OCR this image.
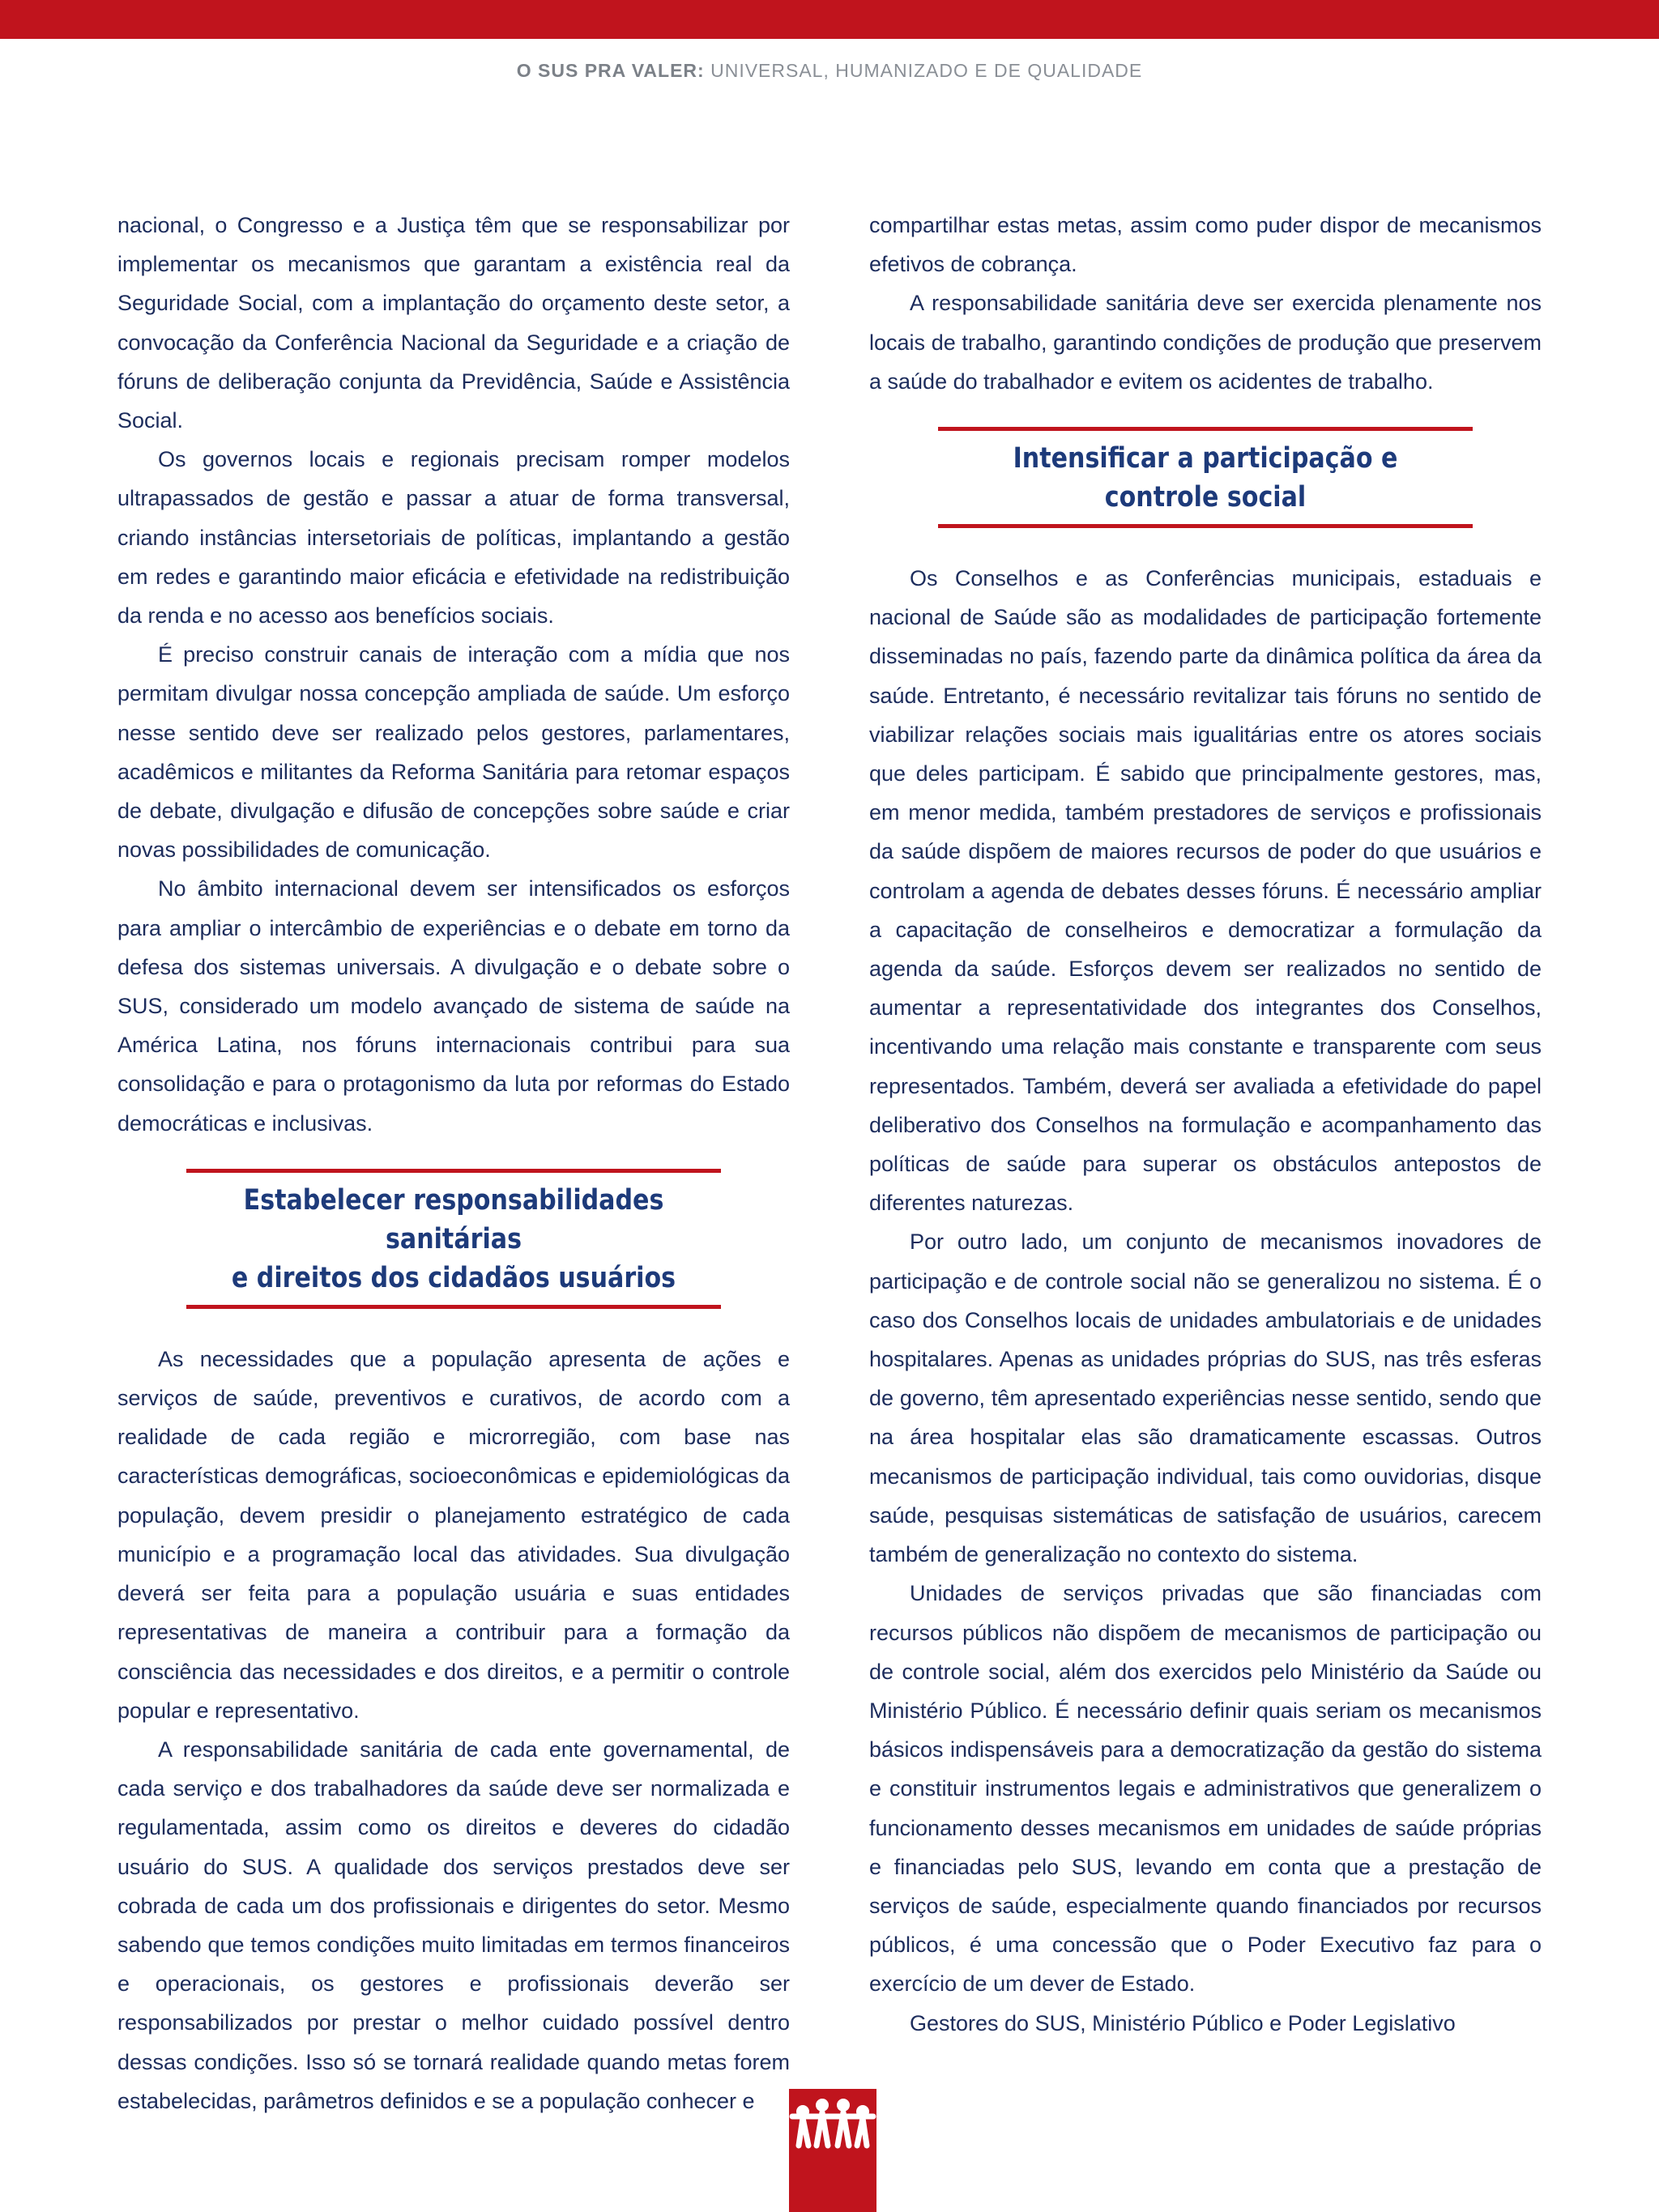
O SUS PRA VALER: UNIVERSAL, HUMANIZADO E DE QUALIDADE

nacional, o Congresso e a Justiça têm que se responsabilizar por implementar os mecanismos que garantam a existência real da Seguridade Social, com a implantação do orçamento deste setor, a convocação da Conferência Nacional da Seguridade e a criação de fóruns de deliberação conjunta da Previdência, Saúde e Assistência Social.

Os governos locais e regionais precisam romper modelos ultrapassados de gestão e passar a atuar de forma transversal, criando instâncias intersetoriais de políticas, implantando a gestão em redes e garantindo maior eficácia e efetividade na redistribuição da renda e no acesso aos benefícios sociais.

É preciso construir canais de interação com a mídia que nos permitam divulgar nossa concepção ampliada de saúde. Um esforço nesse sentido deve ser realizado pelos gestores, parlamentares, acadêmicos e militantes da Reforma Sanitária para retomar espaços de debate, divulgação e difusão de concepções sobre saúde e criar novas possibilidades de comunicação.

No âmbito internacional devem ser intensificados os esforços para ampliar o intercâmbio de experiências e o debate em torno da defesa dos sistemas universais. A divulgação e o debate sobre o SUS, considerado um modelo avançado de sistema de saúde na América Latina, nos fóruns internacionais contribui para sua consolidação e para o protagonismo da luta por reformas do Estado democráticas e inclusivas.

Estabelecer responsabilidades sanitárias
e direitos dos cidadãos usuários

As necessidades que a população apresenta de ações e serviços de saúde, preventivos e curativos, de acordo com a realidade de cada região e microrregião, com base nas características demográficas, socioeconômicas e epidemiológicas da população, devem presidir o planejamento estratégico de cada município e a programação local das atividades. Sua divulgação deverá ser feita para a população usuária e suas entidades representativas de maneira a contribuir para a formação da consciência das necessidades e dos direitos, e a permitir o controle popular e representativo.

A responsabilidade sanitária de cada ente governamental, de cada serviço e dos trabalhadores da saúde deve ser normalizada e regulamentada, assim como os direitos e deveres do cidadão usuário do SUS. A qualidade dos serviços prestados deve ser cobrada de cada um dos profissionais e dirigentes do setor. Mesmo sabendo que temos condições muito limitadas em termos financeiros e operacionais, os gestores e profissionais deverão ser responsabilizados por prestar o melhor cuidado possível dentro dessas condições. Isso só se tornará realidade quando metas forem estabelecidas, parâmetros definidos e se a população conhecer e

compartilhar estas metas, assim como puder dispor de mecanismos efetivos de cobrança.

A responsabilidade sanitária deve ser exercida plenamente nos locais de trabalho, garantindo condições de produção que preservem a saúde do trabalhador e evitem os acidentes de trabalho.

Intensificar a participação e
controle social

Os Conselhos e as Conferências municipais, estaduais e nacional de Saúde são as modalidades de participação fortemente disseminadas no país, fazendo parte da dinâmica política da área da saúde. Entretanto, é necessário revitalizar tais fóruns no sentido de viabilizar relações sociais mais igualitárias entre os atores sociais que deles participam. É sabido que principalmente gestores, mas, em menor medida, também prestadores de serviços e profissionais da saúde dispõem de maiores recursos de poder do que usuários e controlam a agenda de debates desses fóruns. É necessário ampliar a capacitação de conselheiros e democratizar a formulação da agenda da saúde. Esforços devem ser realizados no sentido de aumentar a representatividade dos integrantes dos Conselhos, incentivando uma relação mais constante e transparente com seus representados. Também, deverá ser avaliada a efetividade do papel deliberativo dos Conselhos na formulação e acompanhamento das políticas de saúde para superar os obstáculos antepostos de diferentes naturezas.

Por outro lado, um conjunto de mecanismos inovadores de participação e de controle social não se generalizou no sistema. É o caso dos Conselhos locais de unidades ambulatoriais e de unidades hospitalares. Apenas as unidades próprias do SUS, nas três esferas de governo, têm apresentado experiências nesse sentido, sendo que na área hospitalar elas são dramaticamente escassas. Outros mecanismos de participação individual, tais como ouvidorias, disque saúde, pesquisas sistemáticas de satisfação de usuários, carecem também de generalização no contexto do sistema.

Unidades de serviços privadas que são financiadas com recursos públicos não dispõem de mecanismos de participação ou de controle social, além dos exercidos pelo Ministério da Saúde ou Ministério Público. É necessário definir quais seriam os mecanismos básicos indispensáveis para a democratização da gestão do sistema e constituir instrumentos legais e administrativos que generalizem o funcionamento desses mecanismos em unidades de saúde próprias e financiadas pelo SUS, levando em conta que a prestação de serviços de saúde, especialmente quando financiados por recursos públicos, é uma concessão que o Poder Executivo faz para o exercício de um dever de Estado.

Gestores do SUS, Ministério Público e Poder Legislativo
